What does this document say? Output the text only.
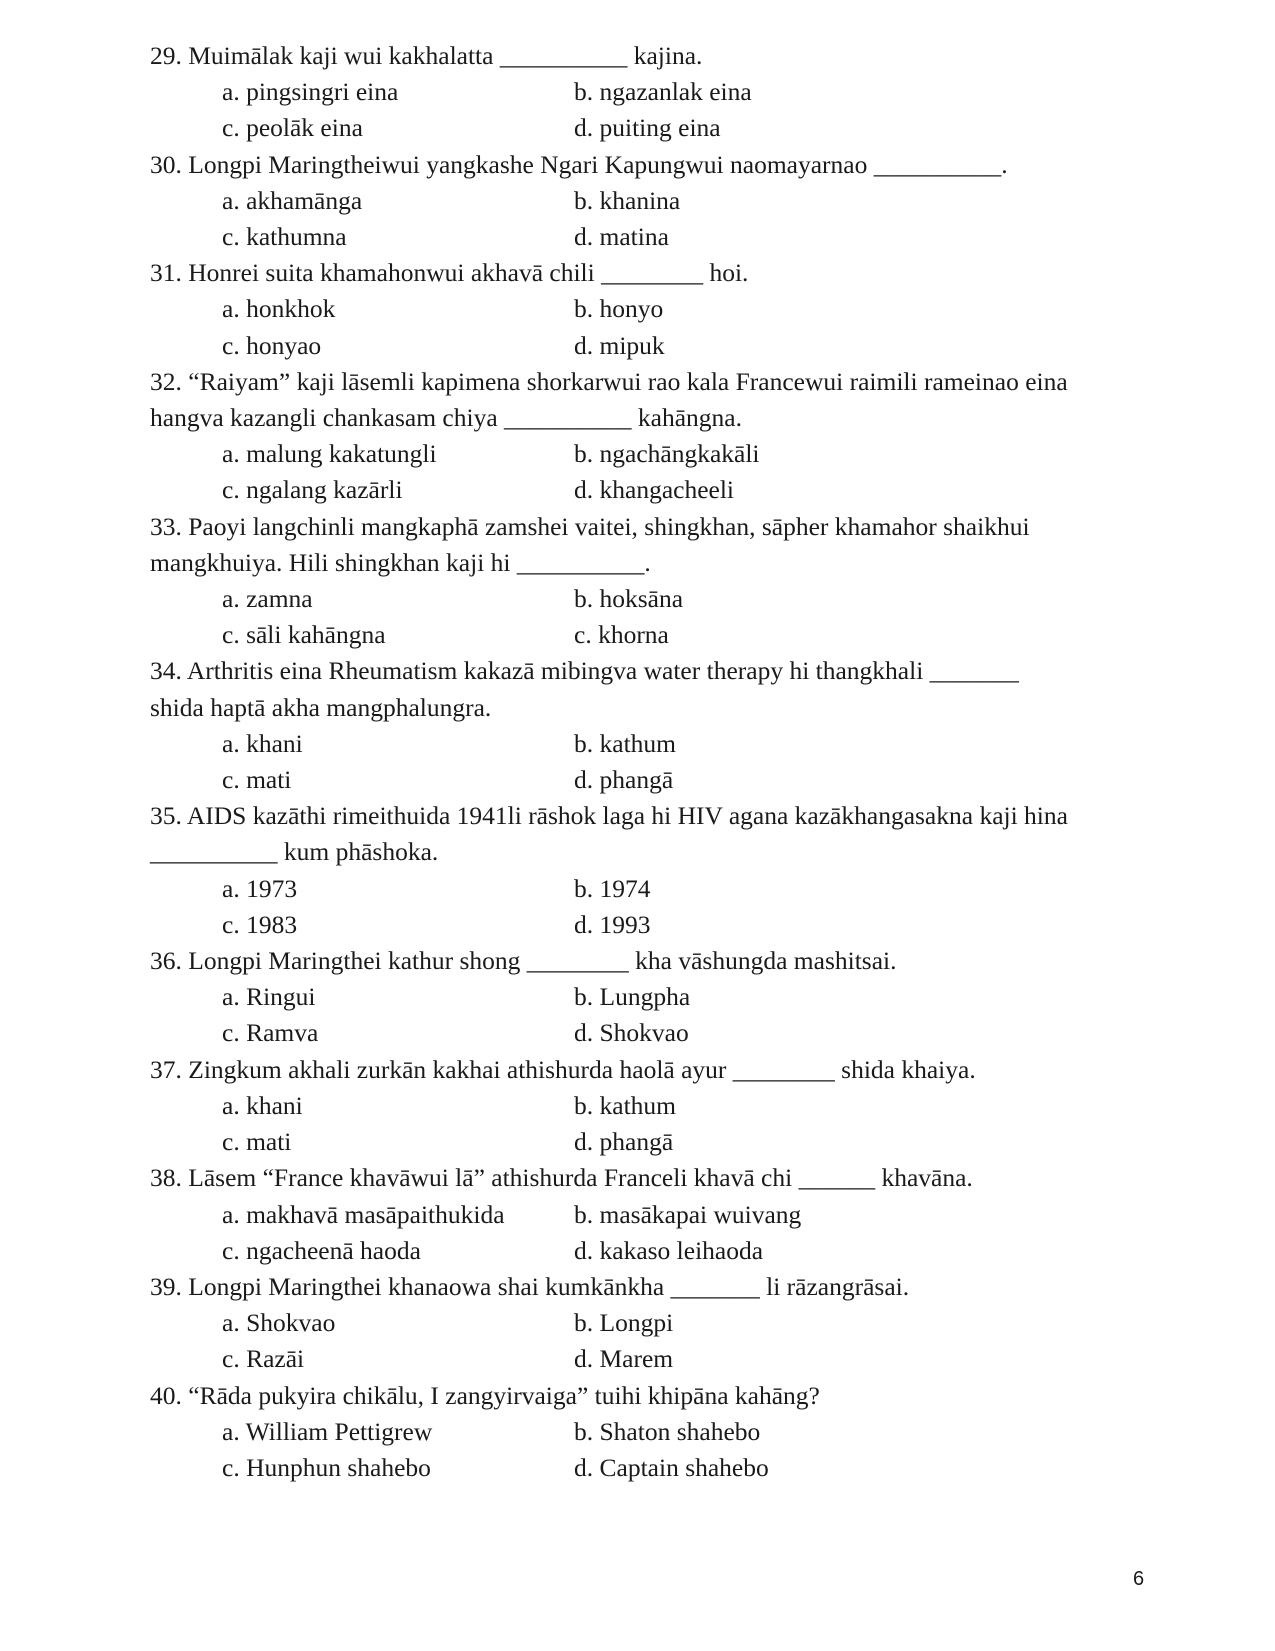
29. Muimālak kaji wui kakhalatta __________ kajina.
a. pingsingri eina	b. ngazanlak eina
c. peolāk eina	d. puiting eina
30. Longpi Maringtheiwui yangkashe Ngari Kapungwui naomayarnao __________.
a. akhamānga	b. khanina
c. kathumna	d. matina
31. Honrei suita khamahonwui akhavā chili ________ hoi.
a. honkhok	b. honyo
c. honyao	d. mipuk
32. “Raiyam” kaji lāsemli kapimena shorkarwui rao kala Francewui raimili rameinao eina
hangva kazangli chankasam chiya __________ kahāngna.
a. malung kakatungli	b. ngachāngkakāli
c. ngalang kazārli	d. khangacheeli
33. Paoyi langchinli mangkaphā zamshei vaitei, shingkhan, sāpher khamahor shaikhui
mangkhuiya. Hili shingkhan kaji hi __________.
a. zamna	b. hoksāna
c. sāli kahāngna	c. khorna
34. Arthritis eina Rheumatism kakazā mibingva water therapy hi thangkhali _______
shida haptā akha mangphalungra.
a. khani	b. kathum
c. mati	d. phangā
35. AIDS kazāthi rimeithuida 1941li rāshok laga hi HIV agana kazākhangasakna kaji hina
__________ kum phāshoka.
a. 1973	b. 1974
c. 1983	d. 1993
36. Longpi Maringthei kathur shong ________ kha vāshungda mashitsai.
a. Ringui	b. Lungpha
c. Ramva	d. Shokvao
37. Zingkum akhali zurkān kakhai athishurda haolā ayur ________ shida khaiya.
a. khani	b. kathum
c. mati	d. phangā
38. Lāsem “France khavāwui lā” athishurda Franceli khavā chi ______ khavāna.
a. makhavā masāpaithukida	b. masākapai wuivang
c. ngacheenā haoda	d. kakaso leihaoda
39. Longpi Maringthei khanaowa shai kumkānkha _______ li rāzangrāsai.
a. Shokvao	b. Longpi
c. Razāi	d. Marem
40. “Rāda pukyira chikālu, I zangyirvaiga” tuihi khipāna kahāng?
a. William Pettigrew	b. Shaton shahebo
c. Hunphun shahebo	d. Captain shahebo
6
